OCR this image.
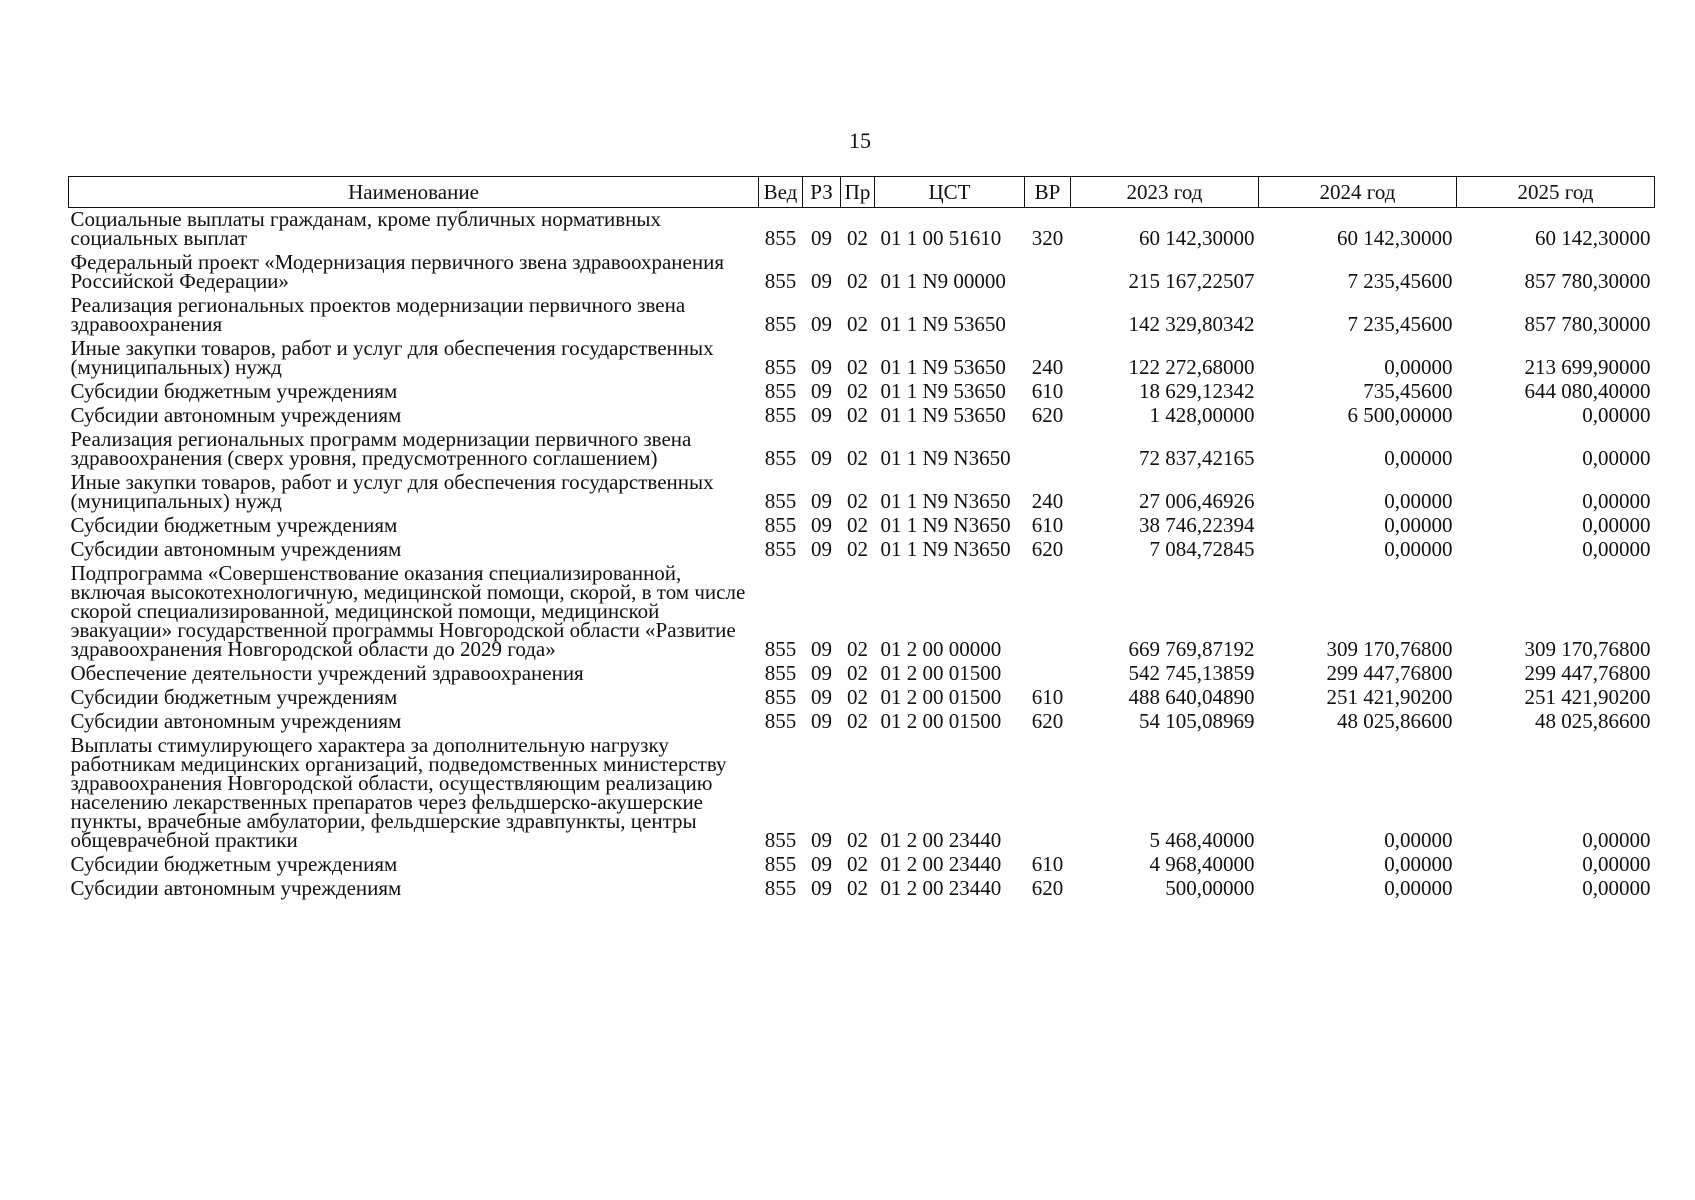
15
Наименование	Вед	РЗ	Пр	ЦСТ	ВР	2023 год	2024 год	2025 год
Социальные выплаты гражданам, кроме публичных нормативных социальных выплат	855	09	02	01 1 00 51610	320	60 142,30000	60 142,30000	60 142,30000
Федеральный проект «Модернизация первичного звена здравоохранения Российской Федерации»	855	09	02	01 1 N9 00000		215 167,22507	7 235,45600	857 780,30000
Реализация региональных проектов модернизации первичного звена здравоохранения	855	09	02	01 1 N9 53650		142 329,80342	7 235,45600	857 780,30000
Иные закупки товаров, работ и услуг для обеспечения государственных (муниципальных) нужд	855	09	02	01 1 N9 53650	240	122 272,68000	0,00000	213 699,90000
Субсидии бюджетным учреждениям	855	09	02	01 1 N9 53650	610	18 629,12342	735,45600	644 080,40000
Субсидии автономным учреждениям	855	09	02	01 1 N9 53650	620	1 428,00000	6 500,00000	0,00000
Реализация региональных программ модернизации первичного звена здравоохранения (сверх уровня, предусмотренного соглашением)	855	09	02	01 1 N9 N3650		72 837,42165	0,00000	0,00000
Иные закупки товаров, работ и услуг для обеспечения государственных (муниципальных) нужд	855	09	02	01 1 N9 N3650	240	27 006,46926	0,00000	0,00000
Субсидии бюджетным учреждениям	855	09	02	01 1 N9 N3650	610	38 746,22394	0,00000	0,00000
Субсидии автономным учреждениям	855	09	02	01 1 N9 N3650	620	7 084,72845	0,00000	0,00000
Подпрограмма «Совершенствование оказания специализированной, включая высокотехнологичную, медицинской помощи, скорой, в том числе скорой специализированной, медицинской помощи, медицинской эвакуации» государственной программы Новгородской области «Развитие здравоохранения Новгородской области до 2029 года»	855	09	02	01 2 00 00000		669 769,87192	309 170,76800	309 170,76800
Обеспечение деятельности учреждений здравоохранения	855	09	02	01 2 00 01500		542 745,13859	299 447,76800	299 447,76800
Субсидии бюджетным учреждениям	855	09	02	01 2 00 01500	610	488 640,04890	251 421,90200	251 421,90200
Субсидии автономным учреждениям	855	09	02	01 2 00 01500	620	54 105,08969	48 025,86600	48 025,86600
Выплаты стимулирующего характера за дополнительную нагрузку работникам медицинских организаций, подведомственных министерству здравоохранения Новгородской области, осуществляющим реализацию населению лекарственных препаратов через фельдшерско-акушерские пункты, врачебные амбулатории, фельдшерские здравпункты, центры общеврачебной практики	855	09	02	01 2 00 23440		5 468,40000	0,00000	0,00000
Субсидии бюджетным учреждениям	855	09	02	01 2 00 23440	610	4 968,40000	0,00000	0,00000
Субсидии автономным учреждениям	855	09	02	01 2 00 23440	620	500,00000	0,00000	0,00000
